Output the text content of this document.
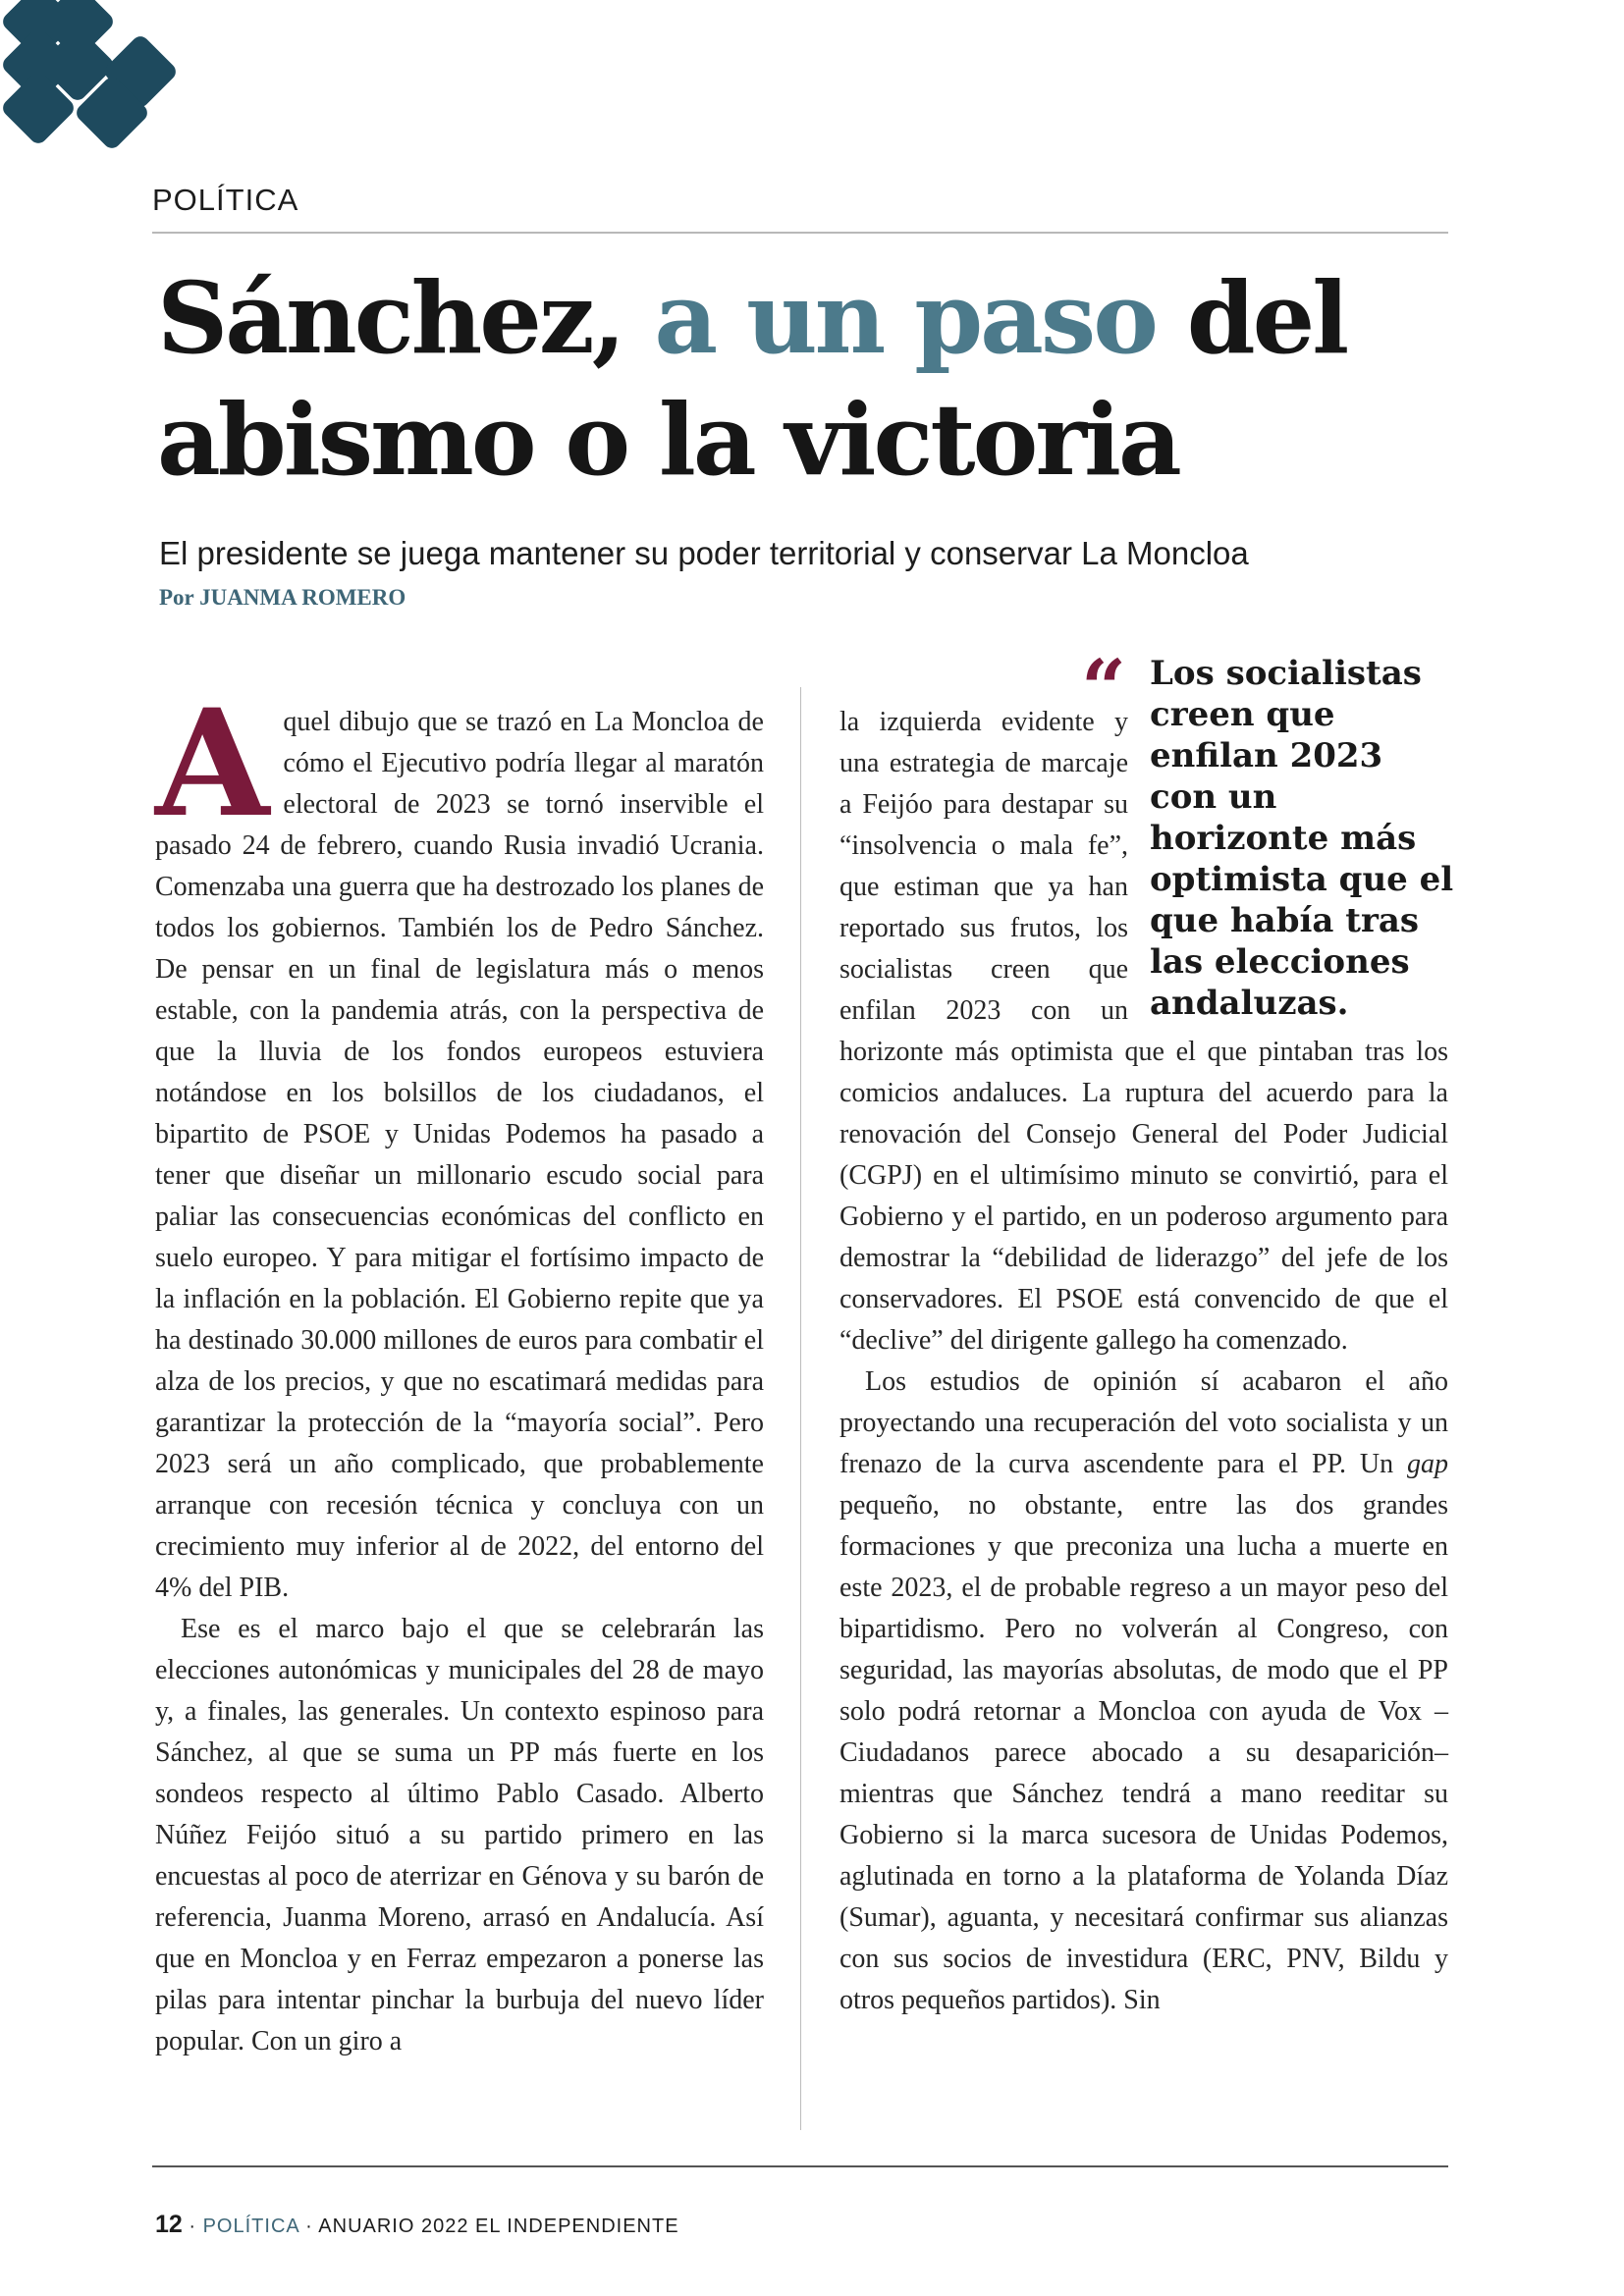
POLÍTICA
Sánchez, a un paso del abismo o la victoria
El presidente se juega mantener su poder territorial y conservar La Moncloa
Por JUANMA ROMERO

Aquel dibujo que se trazó en La Moncloa de cómo el Ejecutivo podría llegar al maratón electoral de 2023 se tornó inservible el pasado 24 de febrero, cuando Rusia invadió Ucrania. Comenzaba una guerra que ha destrozado los planes de todos los gobiernos. También los de Pedro Sánchez. De pensar en un final de legislatura más o menos estable, con la pandemia atrás, con la perspectiva de que la lluvia de los fondos europeos estuviera notándose en los bolsillos de los ciudadanos, el bipartito de PSOE y Unidas Podemos ha pasado a tener que diseñar un millonario escudo social para paliar las consecuencias económicas del conflicto en suelo europeo. Y para mitigar el fortísimo impacto de la inflación en la población. El Gobierno repite que ya ha destinado 30.000 millones de euros para combatir el alza de los precios, y que no escatimará medidas para garantizar la protección de la “mayoría social”. Pero 2023 será un año complicado, que probablemente arranque con recesión técnica y concluya con un crecimiento muy inferior al de 2022, del entorno del 4% del PIB.

Ese es el marco bajo el que se celebrarán las elecciones autonómicas y municipales del 28 de mayo y, a finales, las generales. Un contexto espinoso para Sánchez, al que se suma un PP más fuerte en los sondeos respecto al último Pablo Casado. Alberto Núñez Feijóo situó a su partido primero en las encuestas al poco de aterrizar en Génova y su barón de referencia, Juanma Moreno, arrasó en Andalucía. Así que en Moncloa y en Ferraz empezaron a ponerse las pilas para intentar pinchar la burbuja del nuevo líder popular. Con un giro a

“ Los socialistas creen que enfilan 2023 con un horizonte más optimista que el que había tras las elecciones andaluzas.

la izquierda evidente y una estrategia de marcaje a Feijóo para destapar su “insolvencia o mala fe”, que estiman que ya han reportado sus frutos, los socialistas creen que enfilan 2023 con un horizonte más optimista que el que pintaban tras los comicios andaluces. La ruptura del acuerdo para la renovación del Consejo General del Poder Judicial (CGPJ) en el ultimísimo minuto se convirtió, para el Gobierno y el partido, en un poderoso argumento para demostrar la “debilidad de liderazgo” del jefe de los conservadores. El PSOE está convencido de que el “declive” del dirigente gallego ha comenzado.

Los estudios de opinión sí acabaron el año proyectando una recuperación del voto socialista y un frenazo de la curva ascendente para el PP. Un gap pequeño, no obstante, entre las dos grandes formaciones y que preconiza una lucha a muerte en este 2023, el de probable regreso a un mayor peso del bipartidismo. Pero no volverán al Congreso, con seguridad, las mayorías absolutas, de modo que el PP solo podrá retornar a Moncloa con ayuda de Vox –Ciudadanos parece abocado a su desaparición– mientras que Sánchez tendrá a mano reeditar su Gobierno si la marca sucesora de Unidas Podemos, aglutinada en torno a la plataforma de Yolanda Díaz (Sumar), aguanta, y necesitará confirmar sus alianzas con sus socios de investidura (ERC, PNV, Bildu y otros pequeños partidos). Sin

12 · POLÍTICA · ANUARIO 2022 EL INDEPENDIENTE
